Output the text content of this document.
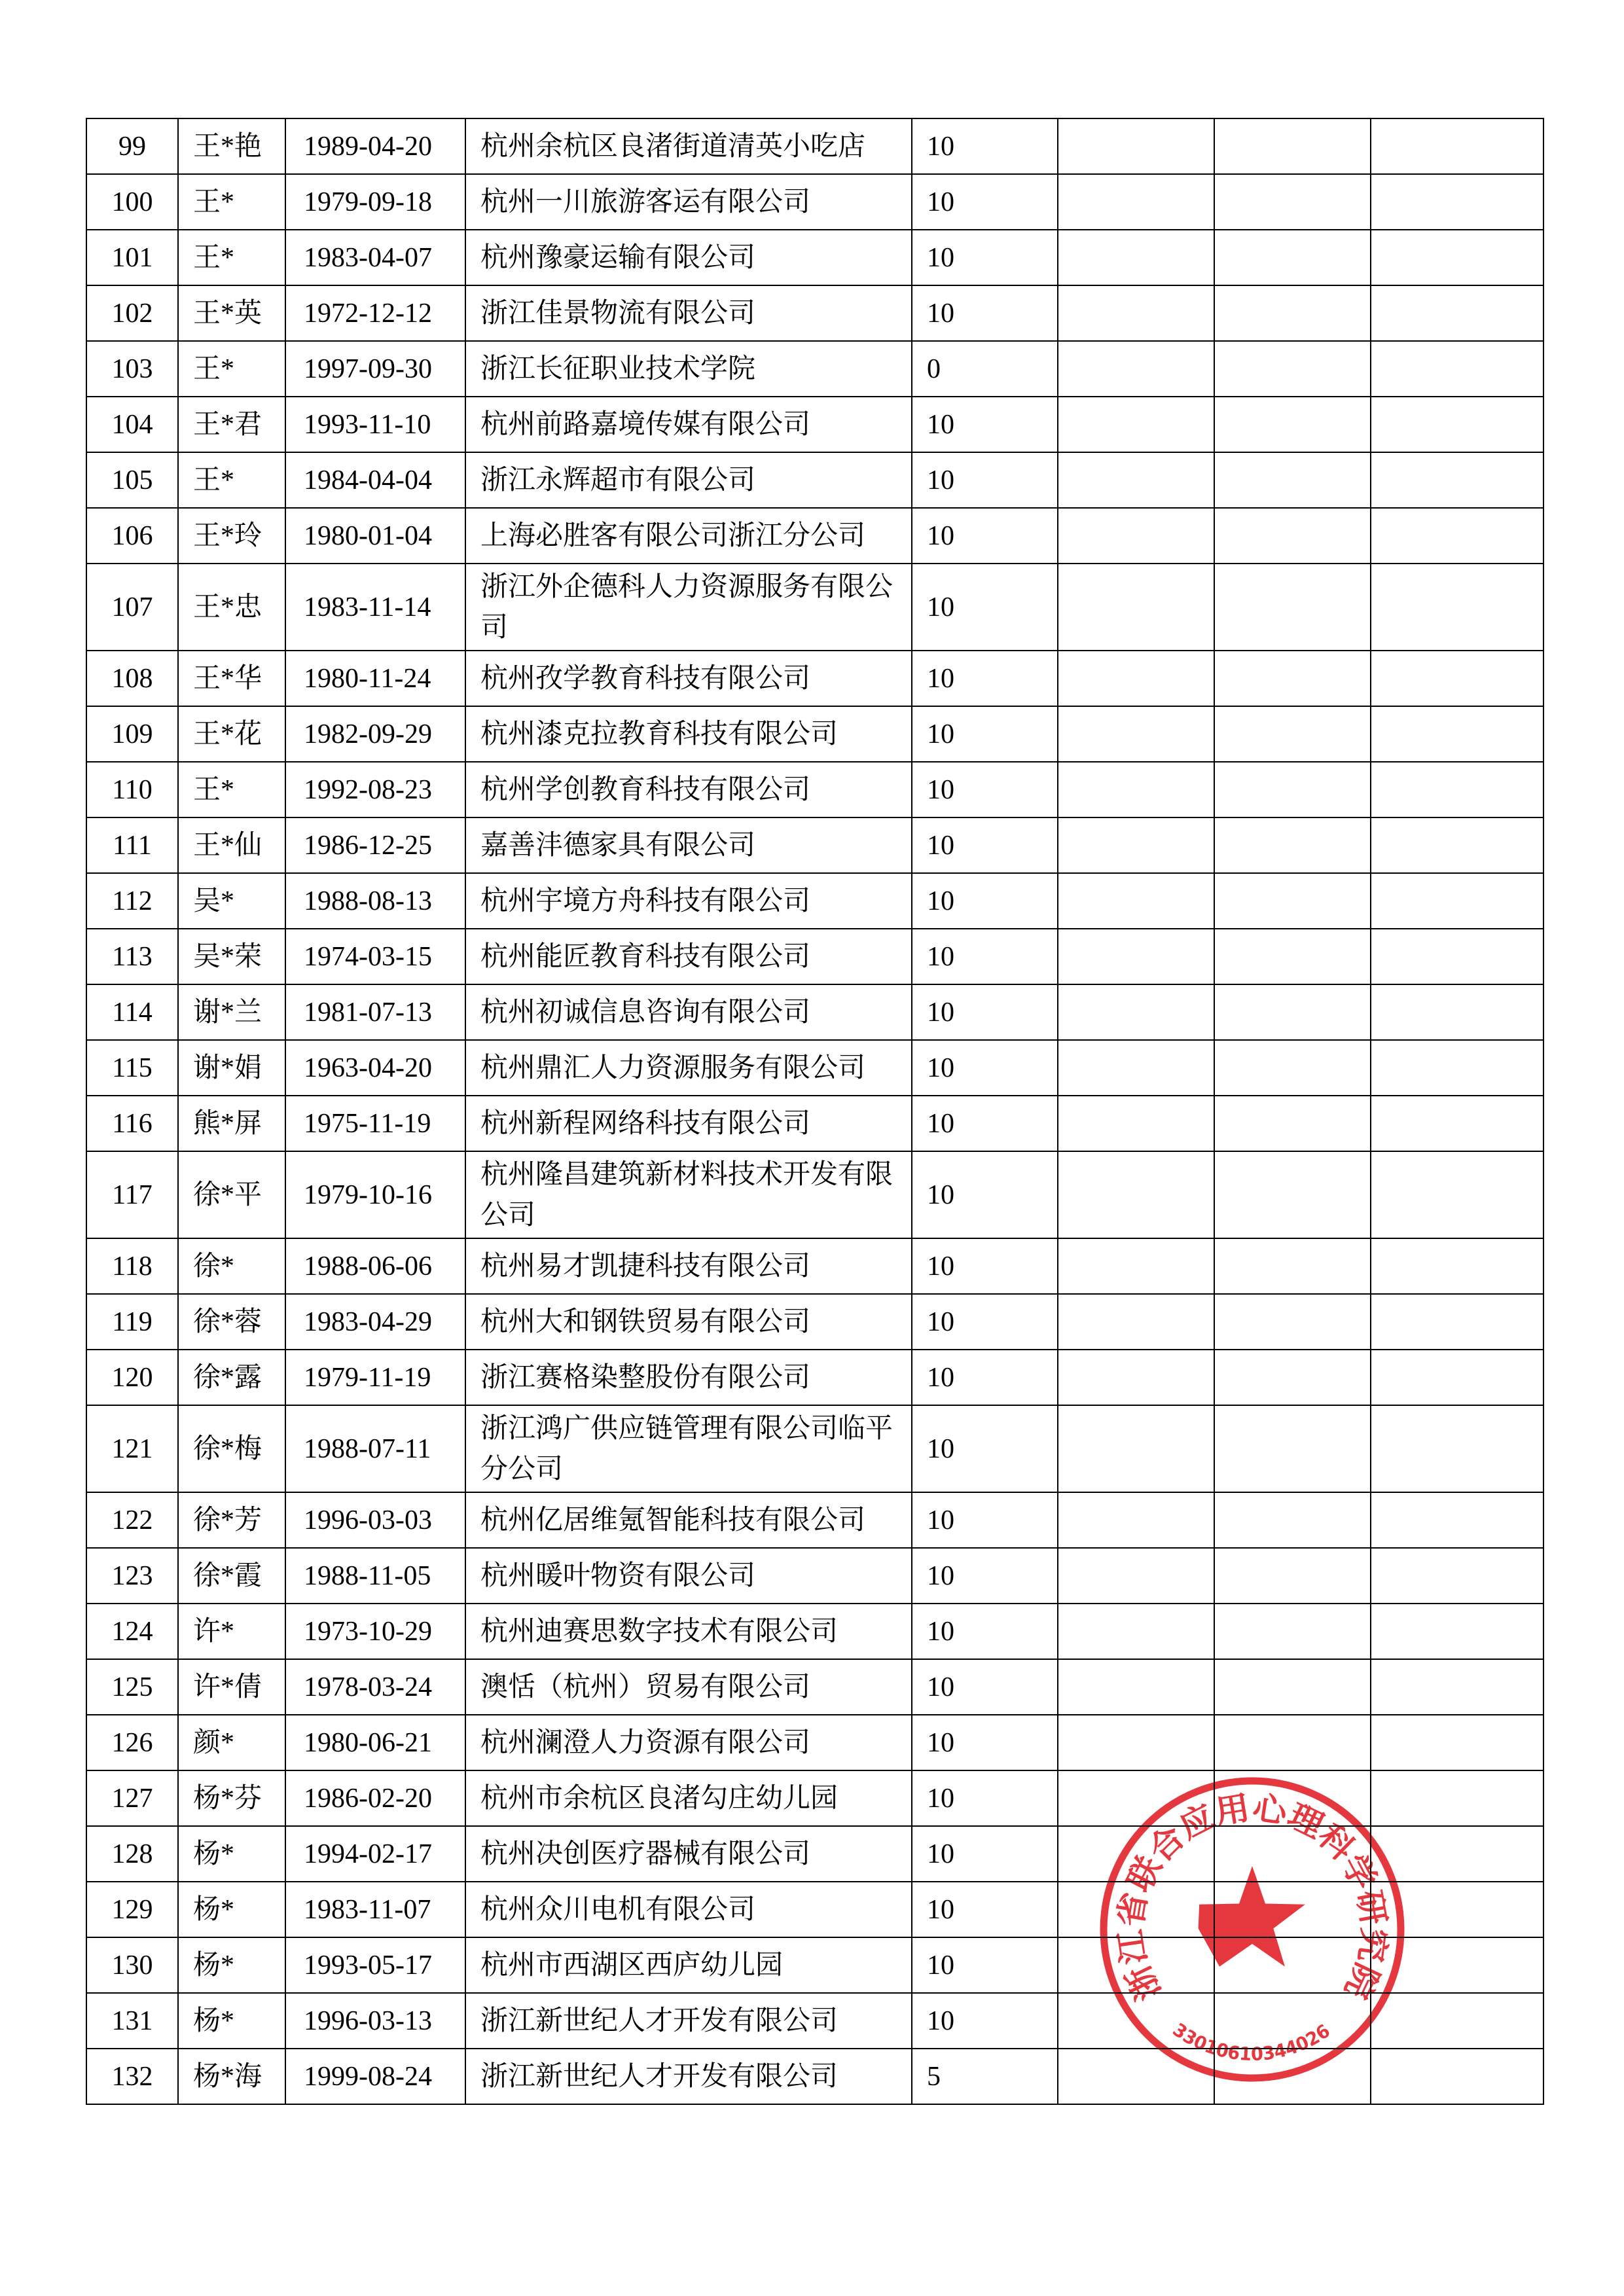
99	王*艳	1989-04-20	杭州余杭区良渚街道清英小吃店	10			
100	王*	1979-09-18	杭州一川旅游客运有限公司	10			
101	王*	1983-04-07	杭州豫豪运输有限公司	10			
102	王*英	1972-12-12	浙江佳景物流有限公司	10			
103	王*	1997-09-30	浙江长征职业技术学院	0			
104	王*君	1993-11-10	杭州前路嘉境传媒有限公司	10			
105	王*	1984-04-04	浙江永辉超市有限公司	10			
106	王*玲	1980-01-04	上海必胜客有限公司浙江分公司	10			
107	王*忠	1983-11-14	浙江外企德科人力资源服务有限公司	10			
108	王*华	1980-11-24	杭州孜学教育科技有限公司	10			
109	王*花	1982-09-29	杭州漆克拉教育科技有限公司	10			
110	王*	1992-08-23	杭州学创教育科技有限公司	10			
111	王*仙	1986-12-25	嘉善沣德家具有限公司	10			
112	吴*	1988-08-13	杭州宇境方舟科技有限公司	10			
113	吴*荣	1974-03-15	杭州能匠教育科技有限公司	10			
114	谢*兰	1981-07-13	杭州初诚信息咨询有限公司	10			
115	谢*娟	1963-04-20	杭州鼎汇人力资源服务有限公司	10			
116	熊*屏	1975-11-19	杭州新程网络科技有限公司	10			
117	徐*平	1979-10-16	杭州隆昌建筑新材料技术开发有限公司	10			
118	徐*	1988-06-06	杭州易才凯捷科技有限公司	10			
119	徐*蓉	1983-04-29	杭州大和钢铁贸易有限公司	10			
120	徐*露	1979-11-19	浙江赛格染整股份有限公司	10			
121	徐*梅	1988-07-11	浙江鸿广供应链管理有限公司临平分公司	10			
122	徐*芳	1996-03-03	杭州亿居维氪智能科技有限公司	10			
123	徐*霞	1988-11-05	杭州暖叶物资有限公司	10			
124	许*	1973-10-29	杭州迪赛思数字技术有限公司	10			
125	许*倩	1978-03-24	澳恬（杭州）贸易有限公司	10			
126	颜*	1980-06-21	杭州澜澄人力资源有限公司	10			
127	杨*芬	1986-02-20	杭州市余杭区良渚勾庄幼儿园	10			
128	杨*	1994-02-17	杭州决创医疗器械有限公司	10			
129	杨*	1983-11-07	杭州众川电机有限公司	10			
130	杨*	1993-05-17	杭州市西湖区西庐幼儿园	10			
131	杨*	1996-03-13	浙江新世纪人才开发有限公司	10			
132	杨*海	1999-08-24	浙江新世纪人才开发有限公司	5			
浙江省联合应用心理科学研究院
33010610344026
